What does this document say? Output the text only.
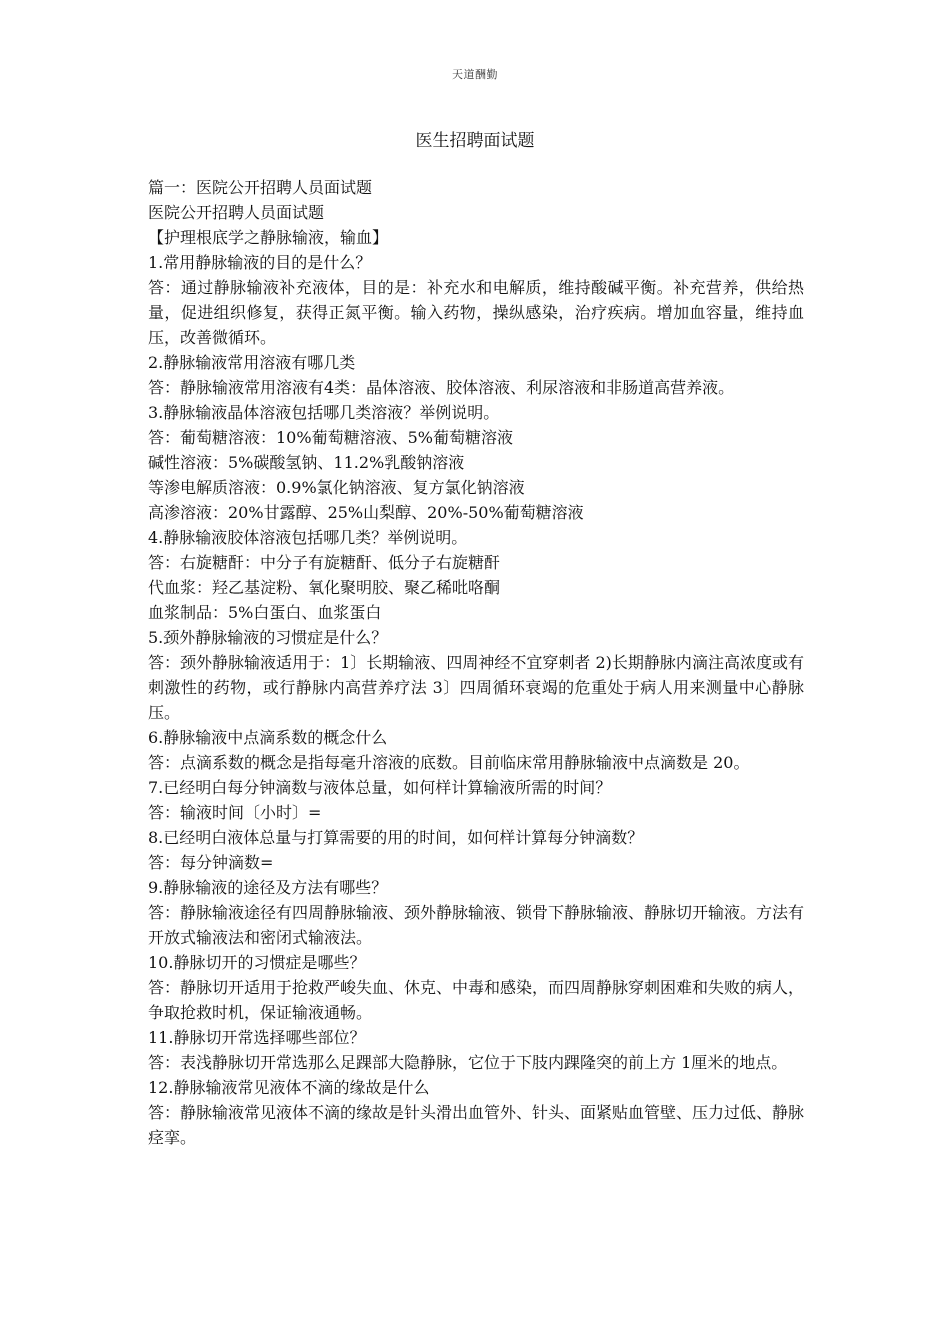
天道酬勤
医生招聘面试题

篇一：医院公开招聘人员面试题

医院公开招聘人员面试题

【护理根底学之静脉输液，输血】

1.常用静脉输液的目的是什么？

答：通过静脉输液补充液体，目的是：补充水和电解质，维持酸碱平衡。补充营养，供给热量，促进组织修复，获得正氮平衡。输入药物，操纵感染，治疗疾病。增加血容量，维持血压，改善微循环。

2.静脉输液常用溶液有哪几类

答：静脉输液常用溶液有4类：晶体溶液、胶体溶液、利尿溶液和非肠道高营养液。

3.静脉输液晶体溶液包括哪几类溶液？举例说明。

答：葡萄糖溶液：10%葡萄糖溶液、5%葡萄糖溶液

碱性溶液：5%碳酸氢钠、11.2%乳酸钠溶液

等渗电解质溶液：0.9%氯化钠溶液、复方氯化钠溶液

高渗溶液：20%甘露醇、25%山梨醇、20%-50%葡萄糖溶液

4.静脉输液胶体溶液包括哪几类？举例说明。

答：右旋糖酐：中分子有旋糖酐、低分子右旋糖酐

代血浆：羟乙基淀粉、氧化聚明胶、聚乙稀吡咯酮

血浆制品：5%白蛋白、血浆蛋白

5.颈外静脉输液的习惯症是什么？

答：颈外静脉输液适用于：1〕长期输液、四周神经不宜穿刺者 2)长期静脉内滴注高浓度或有刺激性的药物，或行静脉内高营养疗法 3〕四周循环衰竭的危重处于病人用来测量中心静脉压。

6.静脉输液中点滴系数的概念什么

答：点滴系数的概念是指每毫升溶液的底数。目前临床常用静脉输液中点滴数是 20。

7.已经明白每分钟滴数与液体总量，如何样计算输液所需的时间？

答：输液时间〔小时〕=

8.已经明白液体总量与打算需要的用的时间，如何样计算每分钟滴数？

答：每分钟滴数=

9.静脉输液的途径及方法有哪些？

答：静脉输液途径有四周静脉输液、颈外静脉输液、锁骨下静脉输液、静脉切开输液。方法有开放式输液法和密闭式输液法。

10.静脉切开的习惯症是哪些？

答：静脉切开适用于抢救严峻失血、休克、中毒和感染，而四周静脉穿刺困难和失败的病人，争取抢救时机，保证输液通畅。

11.静脉切开常选择哪些部位？

答：表浅静脉切开常选那么足踝部大隐静脉，它位于下肢内踝隆突的前上方 1厘米的地点。

12.静脉输液常见液体不滴的缘故是什么

答：静脉输液常见液体不滴的缘故是针头滑出血管外、针头、面紧贴血管壁、压力过低、静脉痉挛。
